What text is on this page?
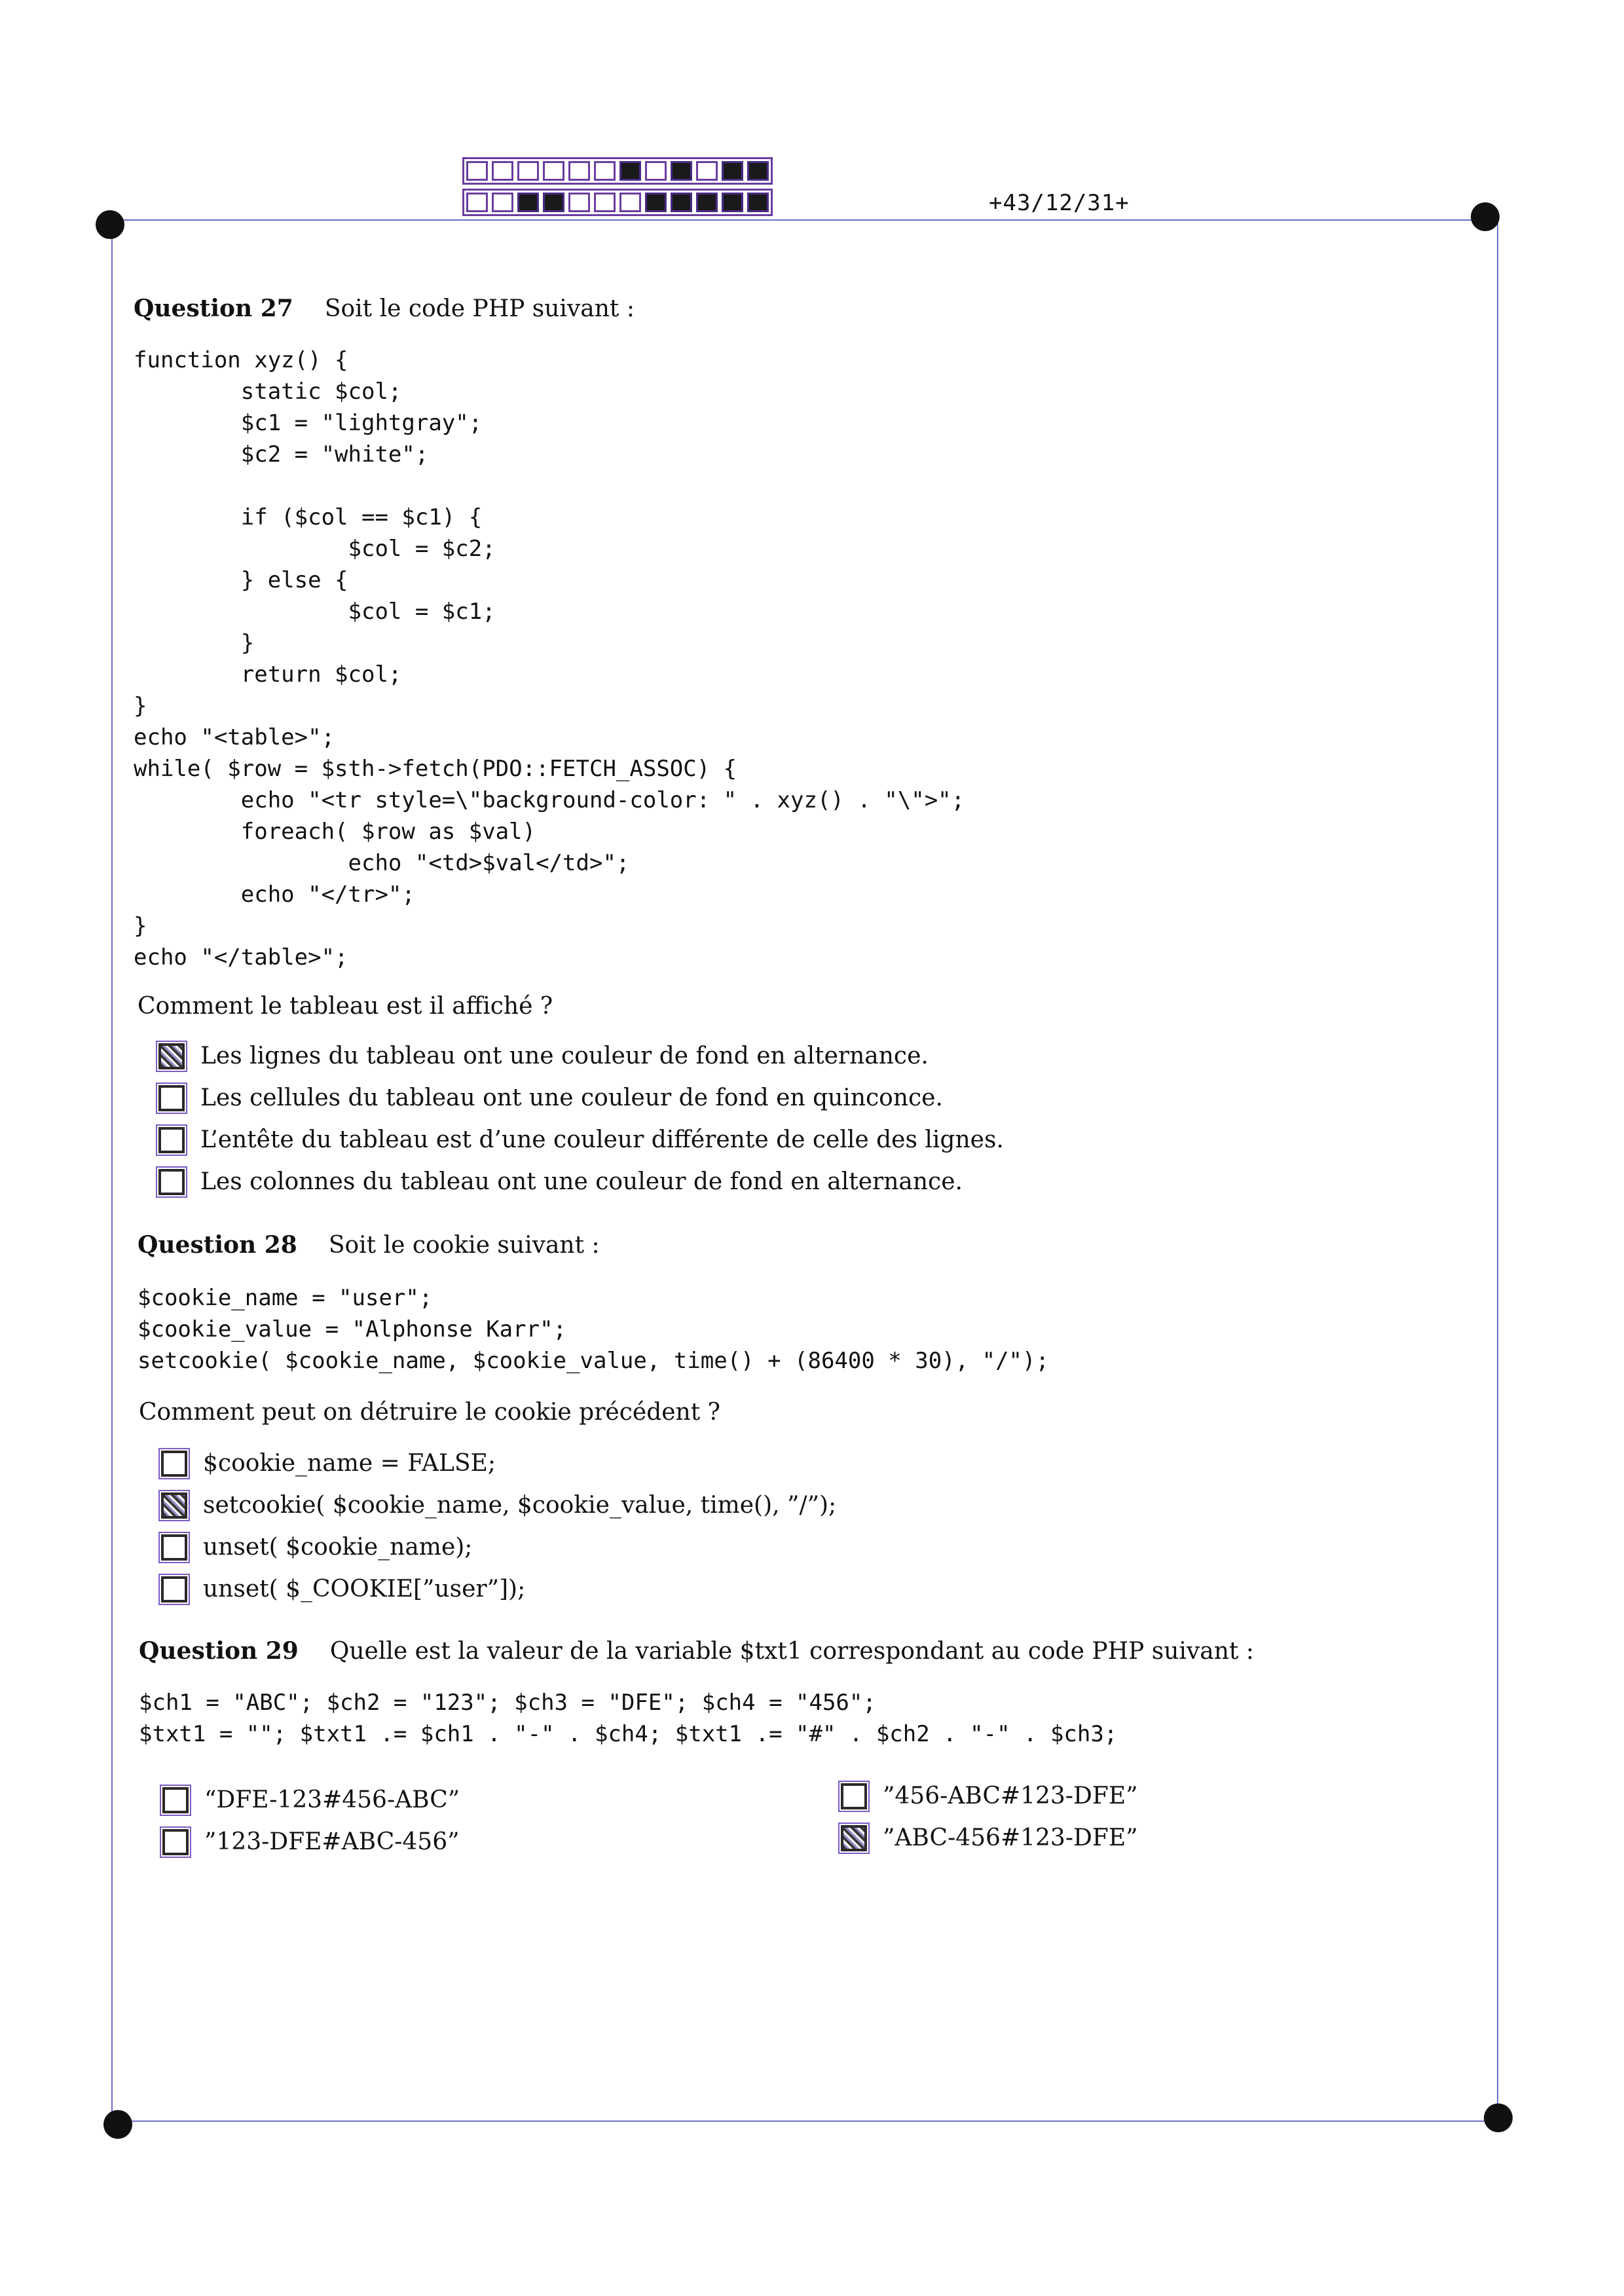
+43/12/31+
Question 27 Soit le code PHP suivant :
function xyz() {
static $col;
$c1 = "lightgray";
$c2 = "white";

if ($col == $c1) {
$col = $c2;
} else {
$col = $c1;
}
return $col;
}
echo "<table>";
while( $row = $sth->fetch(PDO::FETCH_ASSOC) {
echo "<tr style=\"background-color: " . xyz() . "\">";
foreach( $row as $val)
echo "<td>$val</td>";
echo "</tr>";
}
echo "</table>";
Comment le tableau est il affiché ?
Les lignes du tableau ont une couleur de fond en alternance.
Les cellules du tableau ont une couleur de fond en quinconce.
L’entête du tableau est d’une couleur différente de celle des lignes.
Les colonnes du tableau ont une couleur de fond en alternance.
Question 28 Soit le cookie suivant :
$cookie_name = "user";
$cookie_value = "Alphonse Karr";
setcookie( $cookie_name, $cookie_value, time() + (86400 * 30), "/");
Comment peut on détruire le cookie précédent ?
$cookie_name = FALSE;
setcookie( $cookie_name, $cookie_value, time(), ”/”);
unset( $cookie_name);
unset( $_COOKIE[”user”]);
Question 29 Quelle est la valeur de la variable $txt1 correspondant au code PHP suivant :
$ch1 = "ABC"; $ch2 = "123"; $ch3 = "DFE"; $ch4 = "456";
$txt1 = ""; $txt1 .= $ch1 . "-" . $ch4; $txt1 .= "#" . $ch2 . "-" . $ch3;
“DFE-123#456-ABC”
”123-DFE#ABC-456”
”456-ABC#123-DFE”
”ABC-456#123-DFE”
